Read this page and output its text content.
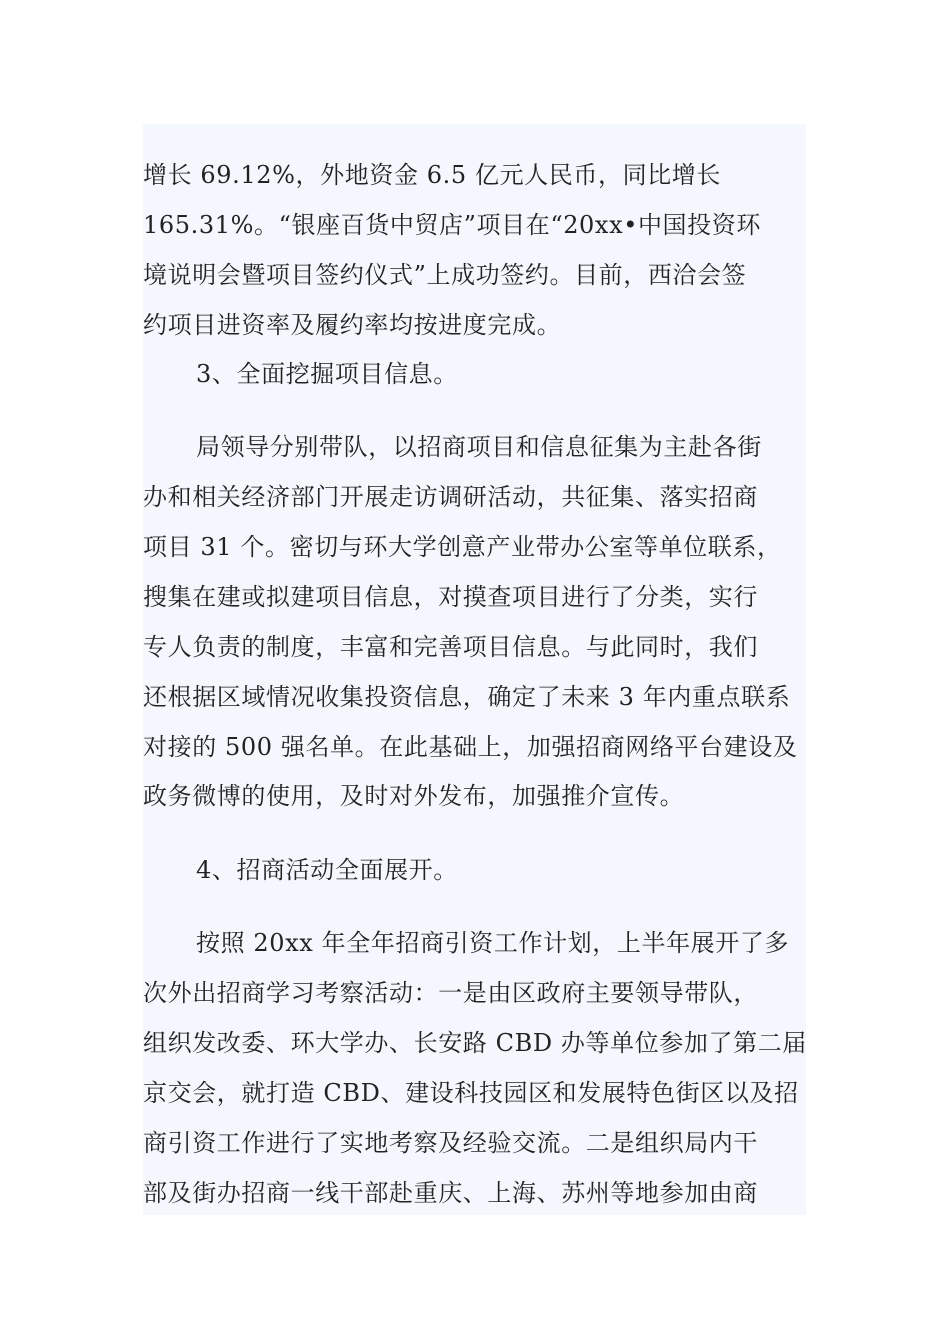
增长 69.12%，外地资金 6.5 亿元人民币，同比增长
165.31%。“银座百货中贸店”项目在“20xx•中国投资环
境说明会暨项目签约仪式”上成功签约。目前，西洽会签
约项目进资率及履约率均按进度完成。
3、全面挖掘项目信息。
局领导分别带队，以招商项目和信息征集为主赴各街
办和相关经济部门开展走访调研活动，共征集、落实招商
项目 31 个。密切与环大学创意产业带办公室等单位联系，
搜集在建或拟建项目信息，对摸查项目进行了分类，实行
专人负责的制度，丰富和完善项目信息。与此同时，我们
还根据区域情况收集投资信息，确定了未来 3 年内重点联系
对接的 500 强名单。在此基础上，加强招商网络平台建设及
政务微博的使用，及时对外发布，加强推介宣传。
4、招商活动全面展开。
按照 20xx 年全年招商引资工作计划，上半年展开了多
次外出招商学习考察活动：一是由区政府主要领导带队，
组织发改委、环大学办、长安路 CBD 办等单位参加了第二届
京交会，就打造 CBD、建设科技园区和发展特色街区以及招
商引资工作进行了实地考察及经验交流。二是组织局内干
部及街办招商一线干部赴重庆、上海、苏州等地参加由商
